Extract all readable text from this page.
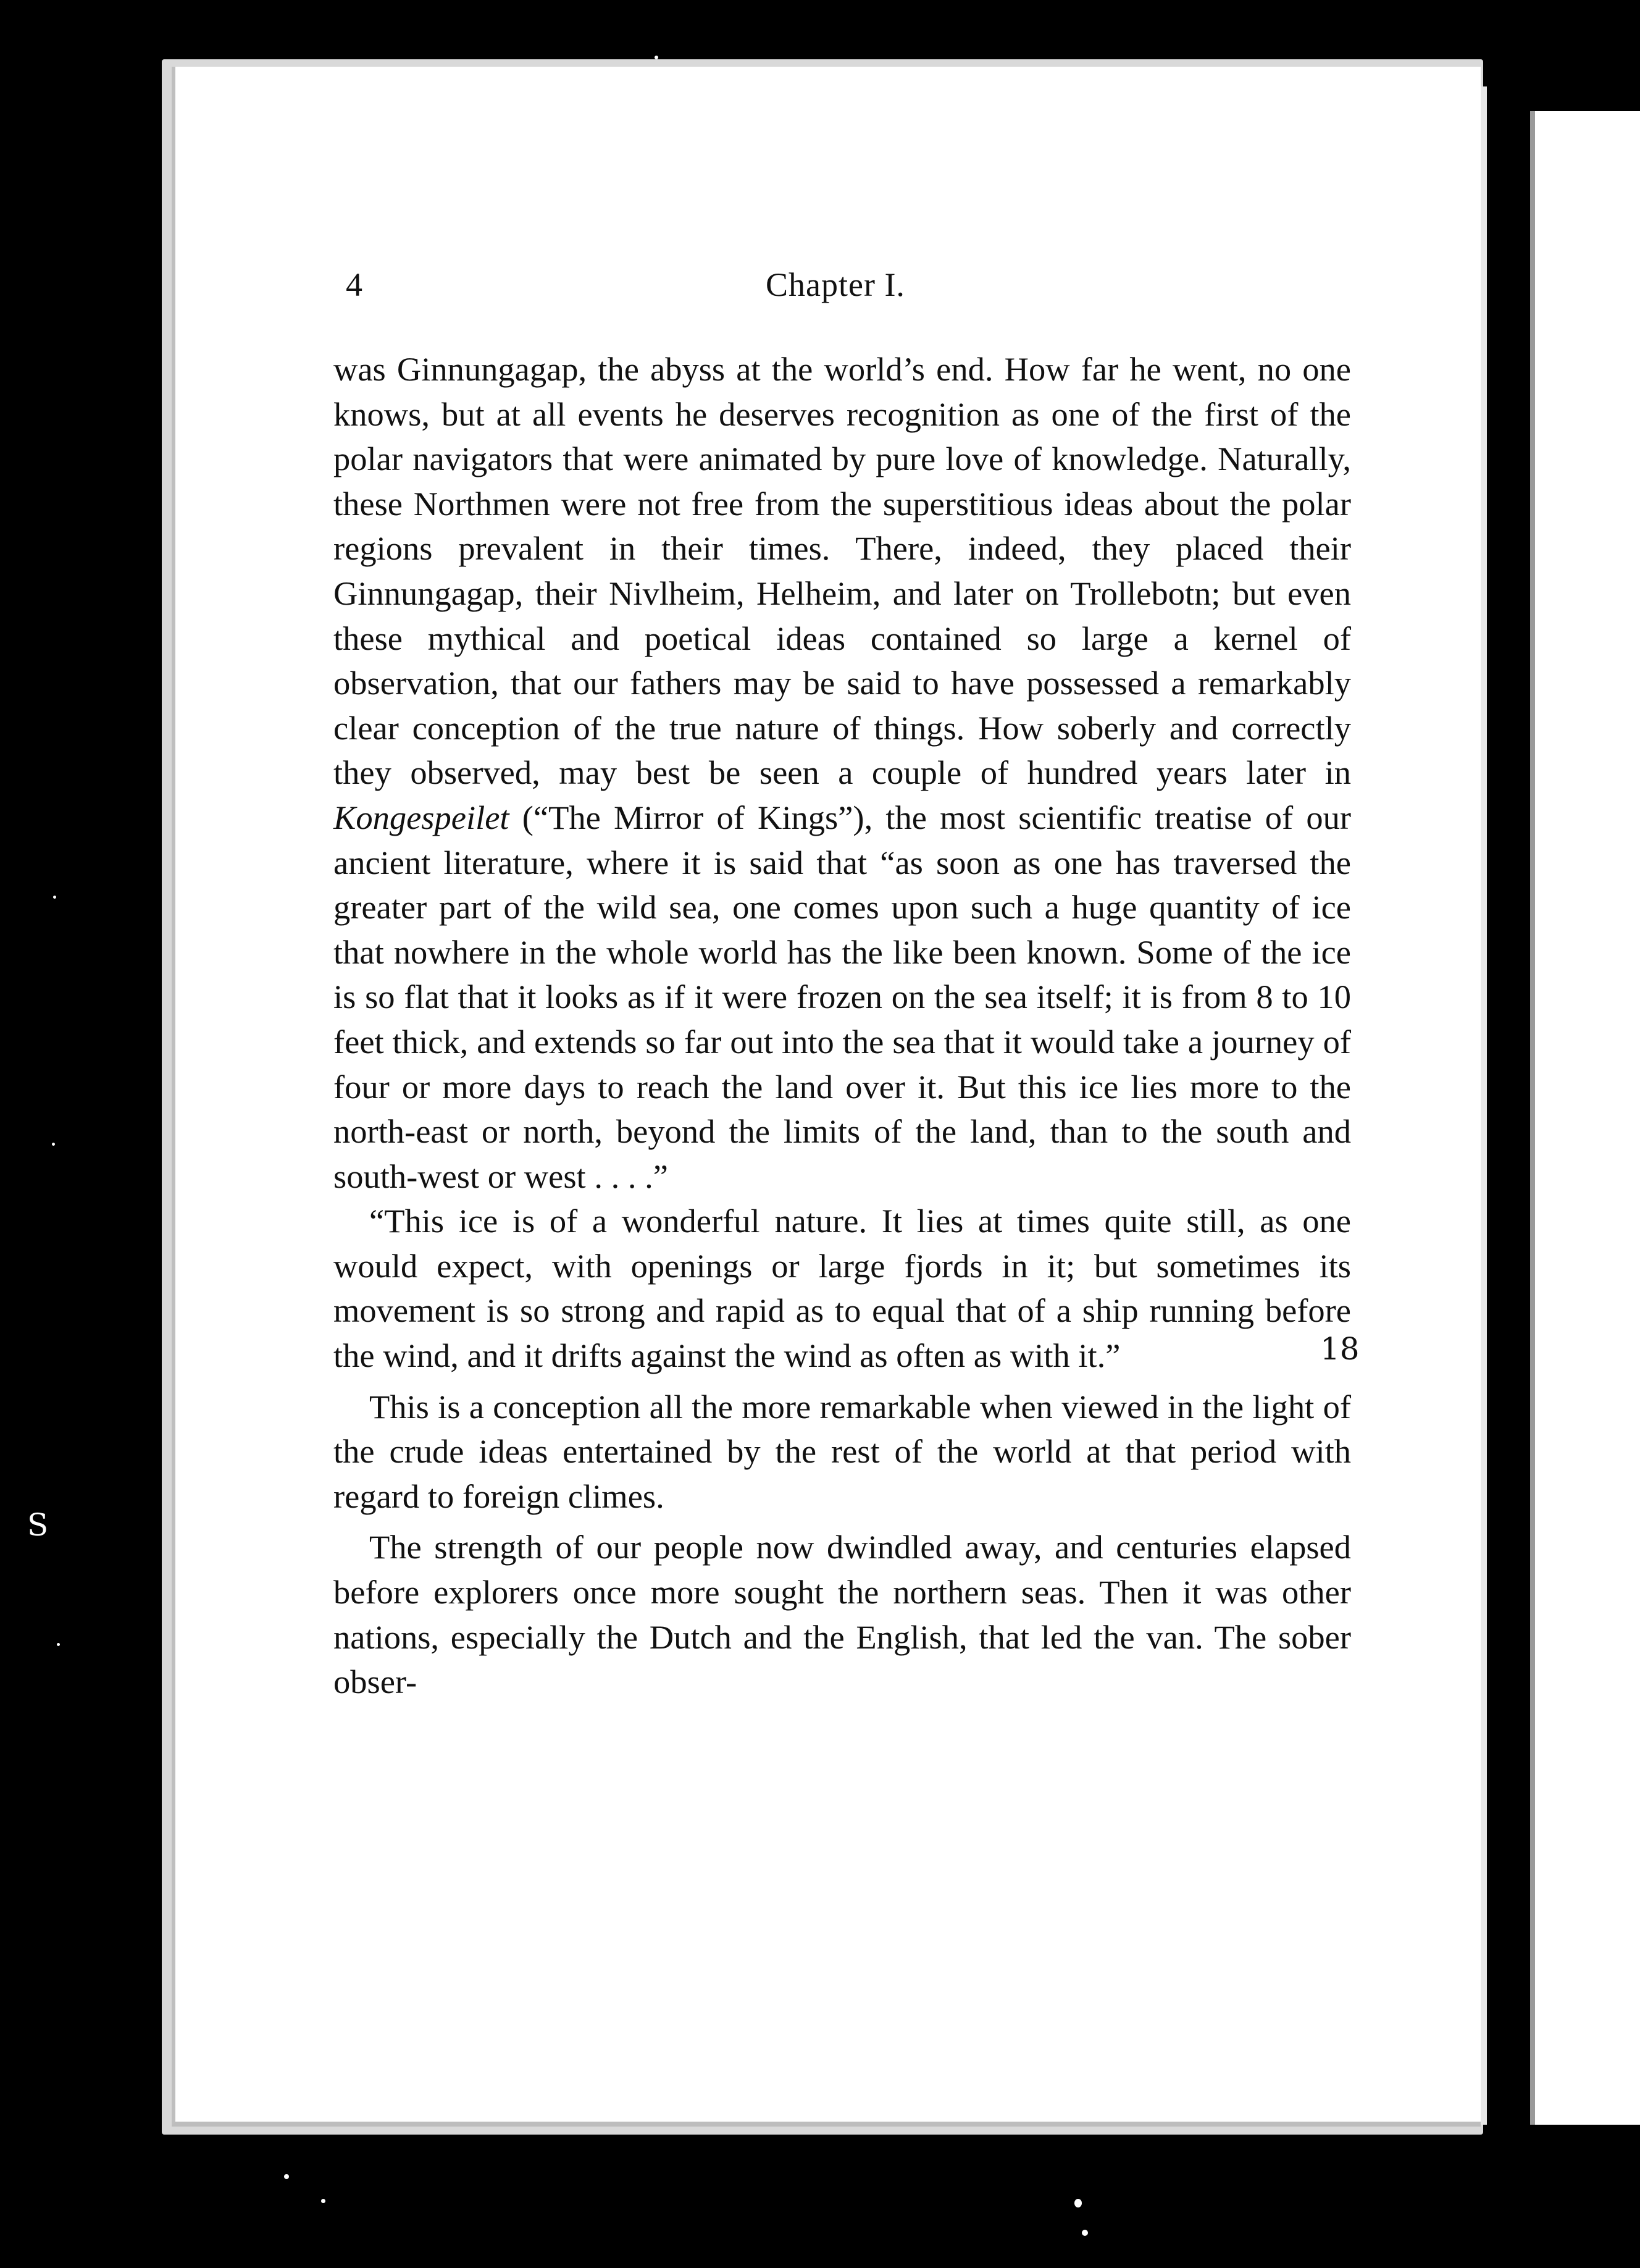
4	Chapter I.

was Ginnungagap, the abyss at the world’s end. How far he went, no one knows, but at all events he deserves recognition as one of the first of the polar navigators that were animated by pure love of knowledge. Naturally, these Northmen were not free from the superstitious ideas about the polar regions prevalent in their times. There, indeed, they placed their Ginnungagap, their Nivlheim, Helheim, and later on Trollebotn; but even these mythical and poetical ideas contained so large a kernel of observation, that our fathers may be said to have possessed a remarkably clear conception of the true nature of things. How soberly and correctly they observed, may best be seen a couple of hundred years later in Kongespeilet (“The Mirror of Kings”), the most scientific treatise of our ancient literature, where it is said that “as soon as one has traversed the greater part of the wild sea, one comes upon such a huge quantity of ice that nowhere in the whole world has the like been known. Some of the ice is so flat that it looks as if it were frozen on the sea itself; it is from 8 to 10 feet thick, and extends so far out into the sea that it would take a journey of four or more days to reach the land over it. But this ice lies more to the north-east or north, beyond the limits of the land, than to the south and south-west or west . . . .”

“This ice is of a wonderful nature. It lies at times quite still, as one would expect, with openings or large fjords in it; but sometimes its movement is so strong and rapid as to equal that of a ship running before the wind, and it drifts against the wind as often as with it.”

This is a conception all the more remarkable when viewed in the light of the crude ideas entertained by the rest of the world at that period with regard to foreign climes.

The strength of our people now dwindled away, and centuries elapsed before explorers once more sought the northern seas. Then it was other nations, especially the Dutch and the English, that led the van. The sober obser-

18
S
